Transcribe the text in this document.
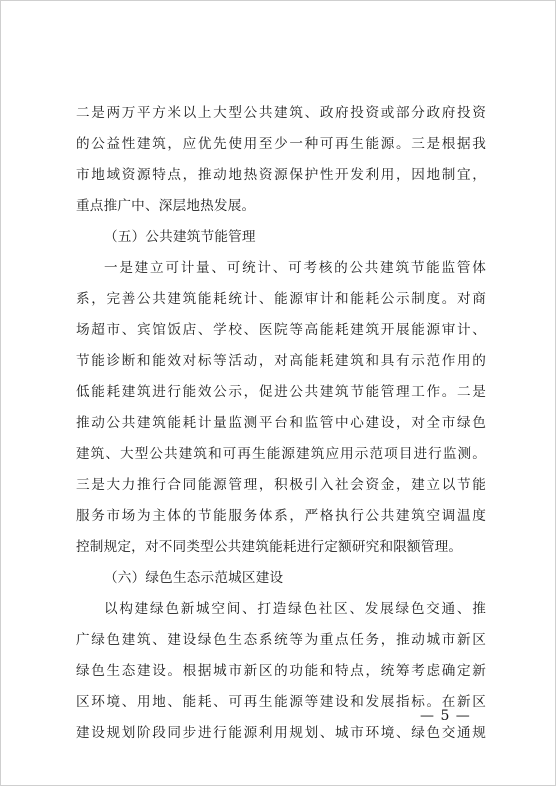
二是两万平方米以上大型公共建筑、政府投资或部分政府投资
的公益性建筑，应优先使用至少一种可再生能源。三是根据我
市地域资源特点，推动地热资源保护性开发利用，因地制宜，
重点推广中、深层地热发展。
（五）公共建筑节能管理
一是建立可计量、可统计、可考核的公共建筑节能监管体
系，完善公共建筑能耗统计、能源审计和能耗公示制度。对商
场超市、宾馆饭店、学校、医院等高能耗建筑开展能源审计、
节能诊断和能效对标等活动，对高能耗建筑和具有示范作用的
低能耗建筑进行能效公示，促进公共建筑节能管理工作。二是
推动公共建筑能耗计量监测平台和监管中心建设，对全市绿色
建筑、大型公共建筑和可再生能源建筑应用示范项目进行监测。
三是大力推行合同能源管理，积极引入社会资金，建立以节能
服务市场为主体的节能服务体系，严格执行公共建筑空调温度
控制规定，对不同类型公共建筑能耗进行定额研究和限额管理。
（六）绿色生态示范城区建设
以构建绿色新城空间、打造绿色社区、发展绿色交通、推
广绿色建筑、建设绿色生态系统等为重点任务，推动城市新区
绿色生态建设。根据城市新区的功能和特点，统筹考虑确定新
区环境、用地、能耗、可再生能源等建设和发展指标。在新区
建设规划阶段同步进行能源利用规划、城市环境、绿色交通规
— 5 —
